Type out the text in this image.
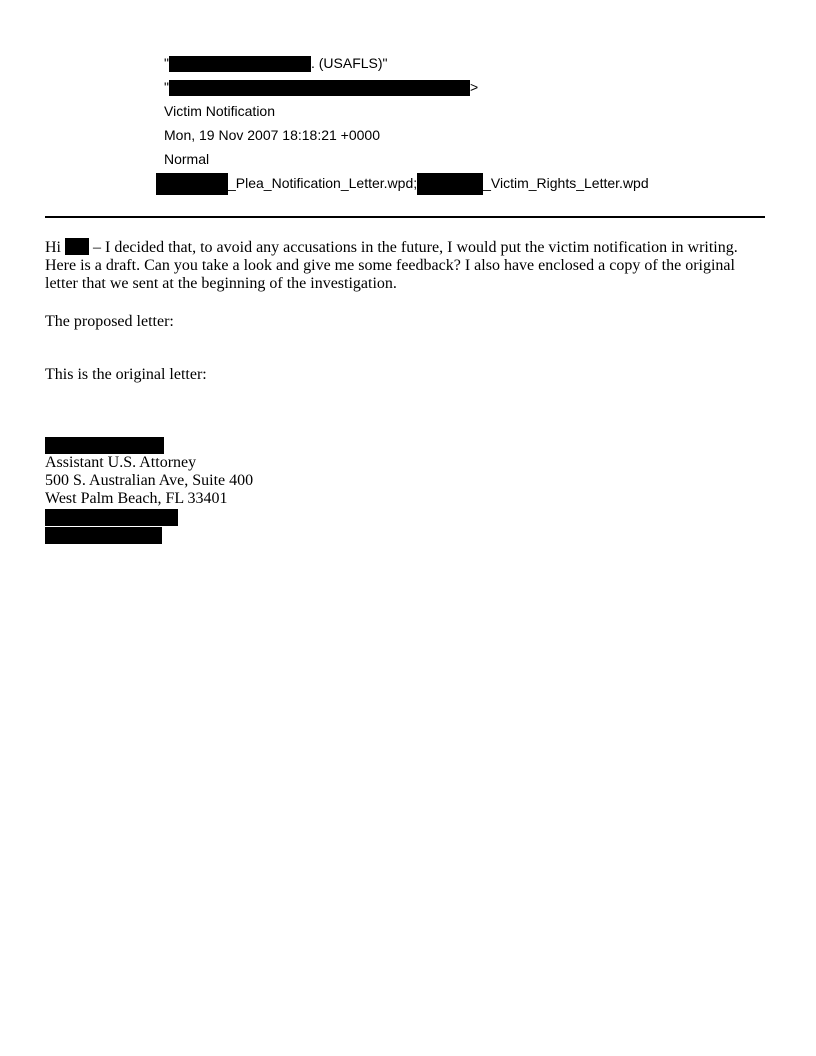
"	. (USAFLS)"
"	>
Victim Notification
Mon, 19 Nov 2007 18:18:21 +0000
Normal
_Plea_Notification_Letter.wpd;	_Victim_Rights_Letter.wpd

Hi – I decided that, to avoid any accusations in the future, I would put the victim notification in writing. Here is a draft. Can you take a look and give me some feedback? I also have enclosed a copy of the original letter that we sent at the beginning of the investigation.

The proposed letter:

This is the original letter:

Assistant U.S. Attorney
500 S. Australian Ave, Suite 400
West Palm Beach, FL 33401
